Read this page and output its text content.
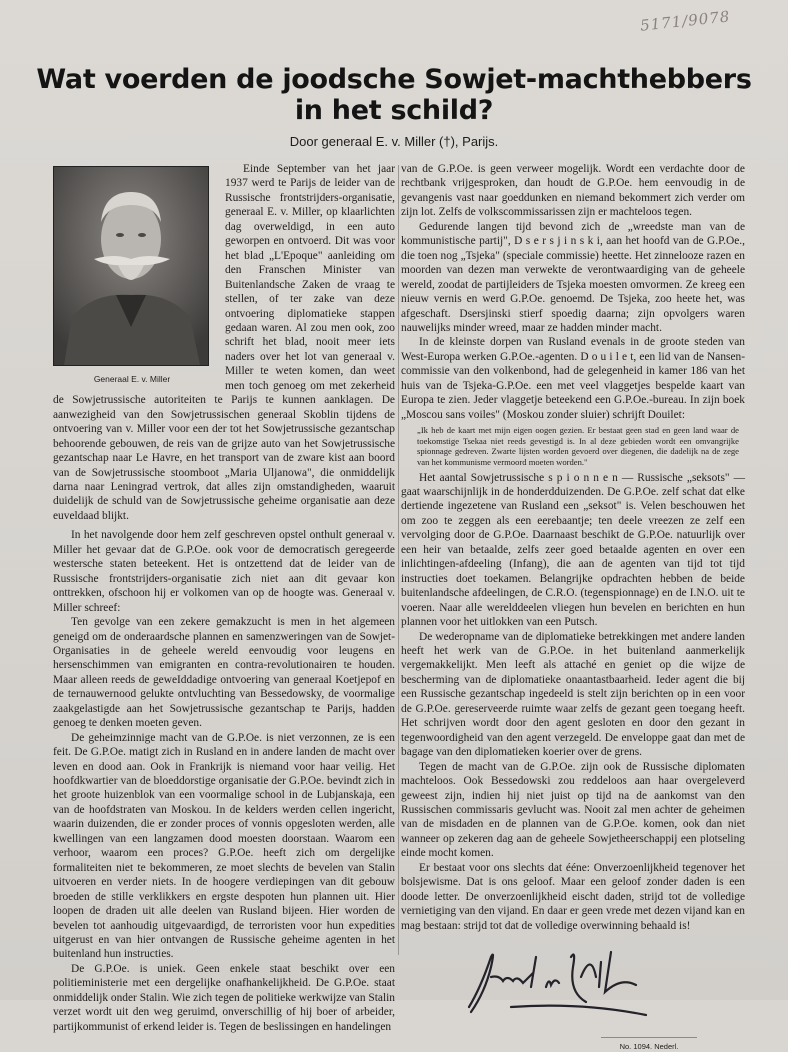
5171/9078
Wat voerden de joodsche Sowjet-machthebbers in het schild?
Door generaal E. v. Miller (†), Parijs.
Generaal E. v. Miller

Einde September van het jaar 1937 werd te Parijs de leider van de Russische frontstrijders-organisatie, generaal E. v. Miller, op klaarlichten dag overweldigd, in een auto geworpen en ontvoerd. Dit was voor het blad „L'Epoque" aanleiding om den Franschen Minister van Buitenlandsche Zaken de vraag te stellen, of ter zake van deze ontvoering diplomatieke stappen gedaan waren. Al zou men ook, zoo schrift het blad, nooit meer iets naders over het lot van generaal v. Miller te weten komen, dan weet men toch genoeg om met zekerheid de Sowjetrussische autoriteiten te Parijs te kunnen aanklagen. De aanwezigheid van den Sowjetrussischen generaal Skoblin tijdens de ontvoering van v. Miller voor een der tot het Sowjetrussische gezantschap behoorende gebouwen, de reis van de grijze auto van het Sowjetrussische gezantschap naar Le Havre, en het transport van de zware kist aan boord van de Sowjetrussische stoomboot „Maria Uljanowa", die onmiddelijk darna naar Leningrad vertrok, dat alles zijn omstandigheden, waaruit duidelijk de schuld van de Sowjetrussische geheime organisatie aan deze euveldaad blijkt.

In het navolgende door hem zelf geschreven opstel onthult generaal v. Miller het gevaar dat de G.P.Oe. ook voor de democratisch geregeerde westersche staten beteekent. Het is ontzettend dat de leider van de Russische frontstrijders-organisatie zich niet aan dit gevaar kon onttrekken, ofschoon hij er volkomen van op de hoogte was. Generaal v. Miller schreef:

Ten gevolge van een zekere gemakzucht is men in het algemeen geneigd om de onderaardsche plannen en samenzweringen van de Sowjet-Organisaties in de geheele wereld eenvoudig voor leugens en hersenschimmen van emigranten en contra-revolutionairen te houden. Maar alleen reeds de geweIddadige ontvoering van generaal Koetjepof en de ternauwernood gelukte ontvluchting van Bessedowsky, de voormalige zaakgelastigde aan het Sowjetrussische gezantschap te Parijs, hadden genoeg te denken moeten geven.

De geheimzinnige macht van de G.P.Oe. is niet verzonnen, ze is een feit. De G.P.Oe. matigt zich in Rusland en in andere landen de macht over leven en dood aan. Ook in Frankrijk is niemand voor haar veilig. Het hoofdkwartier van de bloeddorstige organisatie der G.P.Oe. bevindt zich in het groote huizenblok van een voormalige school in de Lubjanskaja, een van de hoofdstraten van Moskou. In de kelders werden cellen ingericht, waarin duizenden, die er zonder proces of vonnis opgesloten werden, alle kwellingen van een langzamen dood moesten doorstaan. Waarom een verhoor, waarom een proces? G.P.Oe. heeft zich om dergelijke formaliteiten niet te bekommeren, ze moet slechts de bevelen van Stalin uitvoeren en verder niets. In de hoogere verdiepingen van dit gebouw broeden de stille verklikkers en ergste despoten hun plannen uit. Hier loopen de draden uit alle deelen van Rusland bijeen. Hier worden de bevelen tot aanhoudig uitgevaardigd, de terroristen voor hun expedities uitgerust en van hier ontvangen de Russische geheime agenten in het buitenland hun instructies.

De G.P.Oe. is uniek. Geen enkele staat beschikt over een politieministerie met een dergelijke onafhankelijkheid. De G.P.Oe. staat onmiddelijk onder Stalin. Wie zich tegen de politieke werkwijze van Stalin verzet wordt uit den weg geruimd, onverschillig of hij boer of arbeider, partijkommunist of erkend leider is. Tegen de beslissingen en handelingen

van de G.P.Oe. is geen verweer mogelijk. Wordt een verdachte door de rechtbank vrijgesproken, dan houdt de G.P.Oe. hem eenvoudig in de gevangenis vast naar goeddunken en niemand bekommert zich verder om zijn lot. Zelfs de volkscommissarissen zijn er machteloos tegen.

Gedurende langen tijd bevond zich de „wreedste man van de kommunistische partij", D s e r s j i n s k i, aan het hoofd van de G.P.Oe., die toen nog „Tsjeka" (speciale commissie) heette. Het zinnelooze razen en moorden van dezen man verwekte de verontwaardiging van de geheele wereld, zoodat de partijleiders de Tsjeka moesten omvormen. Ze kreeg een nieuw vernis en werd G.P.Oe. genoemd. De Tsjeka, zoo heete het, was afgeschaft. Dsersjinski stierf spoedig daarna; zijn opvolgers waren nauwelijks minder wreed, maar ze hadden minder macht.

In de kleinste dorpen van Rusland evenals in de groote steden van West-Europa werken G.P.Oe.-agenten. D o u i l e t, een lid van de Nansen-commissie van den volkenbond, had de gelegenheid in kamer 186 van het huis van de Tsjeka-G.P.Oe. een met veel vlaggetjes bespelde kaart van Europa te zien. Jeder vlaggetje beteekend een G.P.Oe.-bureau. In zijn boek „Moscou sans voiles" (Moskou zonder sluier) schrijft Douilet:

„Ik heb de kaart met mijn eigen oogen gezien. Er bestaat geen stad en geen land waar de toekomstige Tsekaa niet reeds gevestigd is. In al deze gebieden wordt een omvangrijke spionnage gedreven. Zwarte lijsten worden gevoerd over diegenen, die dadelijk na de zege van het kommunisme vermoord moeten worden."

Het aantal Sowjetrussische s p i o n n e n — Russische „seksots" — gaat waarschijnlijk in de honderdduizenden. De G.P.Oe. zelf schat dat elke dertiende ingezetene van Rusland een „seksot" is. Velen beschouwen het om zoo te zeggen als een eerebaantje; ten deele vreezen ze zelf een vervolging door de G.P.Oe. Daarnaast beschikt de G.P.Oe. natuurlijk over een heir van betaalde, zelfs zeer goed betaalde agenten en over een inlichtingen-afdeeling (Infang), die aan de agenten van tijd tot tijd instructies doet toekamen. Belangrijke opdrachten hebben de beide buitenlandsche afdeelingen, de C.R.O. (tegenspionnage) en de I.N.O. uit te voeren. Naar alle werelddeelen vliegen hun bevelen en berichten en hun plannen voor het uitlokken van een Putsch.

De wederopname van de diplomatieke betrekkingen met andere landen heeft het werk van de G.P.Oe. in het buitenland aanmerkelijk vergemakkelijkt. Men leeft als attaché en geniet op die wijze de bescherming van de diplomatieke onaantastbaarheid. Ieder agent die bij een Russische gezantschap ingedeeld is stelt zijn berichten op in een voor de G.P.Oe. gereserveerde ruimte waar zelfs de gezant geen toegang heeft. Het schrijven wordt door den agent gesloten en door den gezant in tegenwoordigheid van den agent verzegeld. De enveloppe gaat dan met de bagage van den diplomatieken koerier over de grens.

Tegen de macht van de G.P.Oe. zijn ook de Russische diplomaten machteloos. Ook Bessedowski zou reddeloos aan haar overgeleverd geweest zijn, indien hij niet juist op tijd na de aankomst van den Russischen commissaris gevlucht was. Nooit zal men achter de geheimen van de misdaden en de plannen van de G.P.Oe. komen, ook dan niet wanneer op zekeren dag aan de geheele Sowjetheerschappij een plotseling einde mocht komen.

Er bestaat voor ons slechts dat ééne: Onverzoenlijkheid tegenover het bolsjewisme. Dat is ons geloof. Maar een geloof zonder daden is een doode letter. De onverzoenlijkheid eischt daden, strijd tot de volledige vernietiging van den vijand. En daar er geen vrede met dezen vijand kan en mag bestaan: strijd tot dat de volledige overwinning behaald is!

No. 1094. Nederl.
